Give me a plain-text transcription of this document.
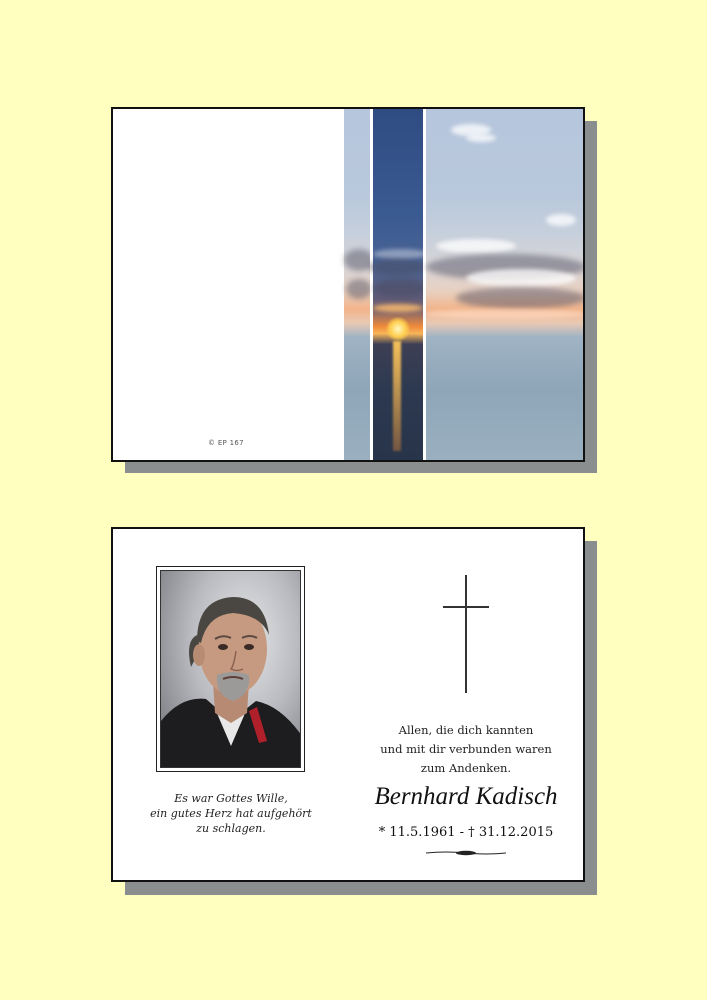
© EP 167
Es war Gottes Wille,
ein gutes Herz hat aufgehört
zu schlagen.
Allen, die dich kannten
und mit dir verbunden waren
zum Andenken.
Bernhard Kadisch
* 11.5.1961 - † 31.12.2015
